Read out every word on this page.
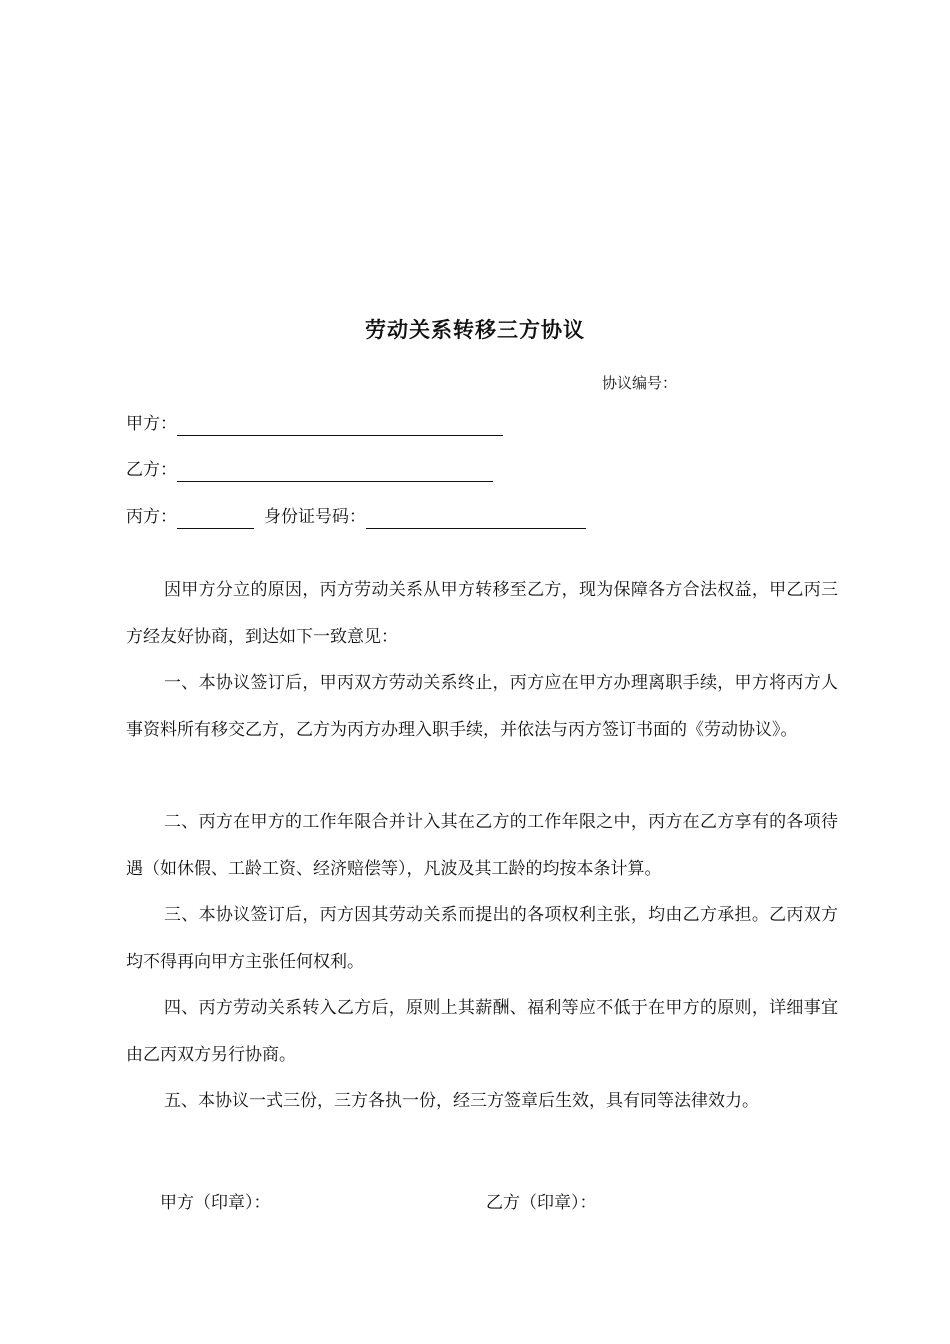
劳动关系转移三方协议
协议编号：
甲方：
乙方：
丙方：	身份证号码：

因甲方分立的原因，丙方劳动关系从甲方转移至乙方，现为保障各方合法权益，甲乙丙三方经友好协商，到达如下一致意见：

一、本协议签订后，甲丙双方劳动关系终止，丙方应在甲方办理离职手续，甲方将丙方人事资料所有移交乙方，乙方为丙方办理入职手续，并依法与丙方签订书面的《劳动协议》。

二、丙方在甲方的工作年限合并计入其在乙方的工作年限之中，丙方在乙方享有的各项待遇（如休假、工龄工资、经济赔偿等），凡波及其工龄的均按本条计算。

三、本协议签订后，丙方因其劳动关系而提出的各项权利主张，均由乙方承担。乙丙双方均不得再向甲方主张任何权利。

四、丙方劳动关系转入乙方后，原则上其薪酬、福利等应不低于在甲方的原则，详细事宜由乙丙双方另行协商。

五、本协议一式三份，三方各执一份，经三方签章后生效，具有同等法律效力。

甲方（印章）：	乙方（印章）：
